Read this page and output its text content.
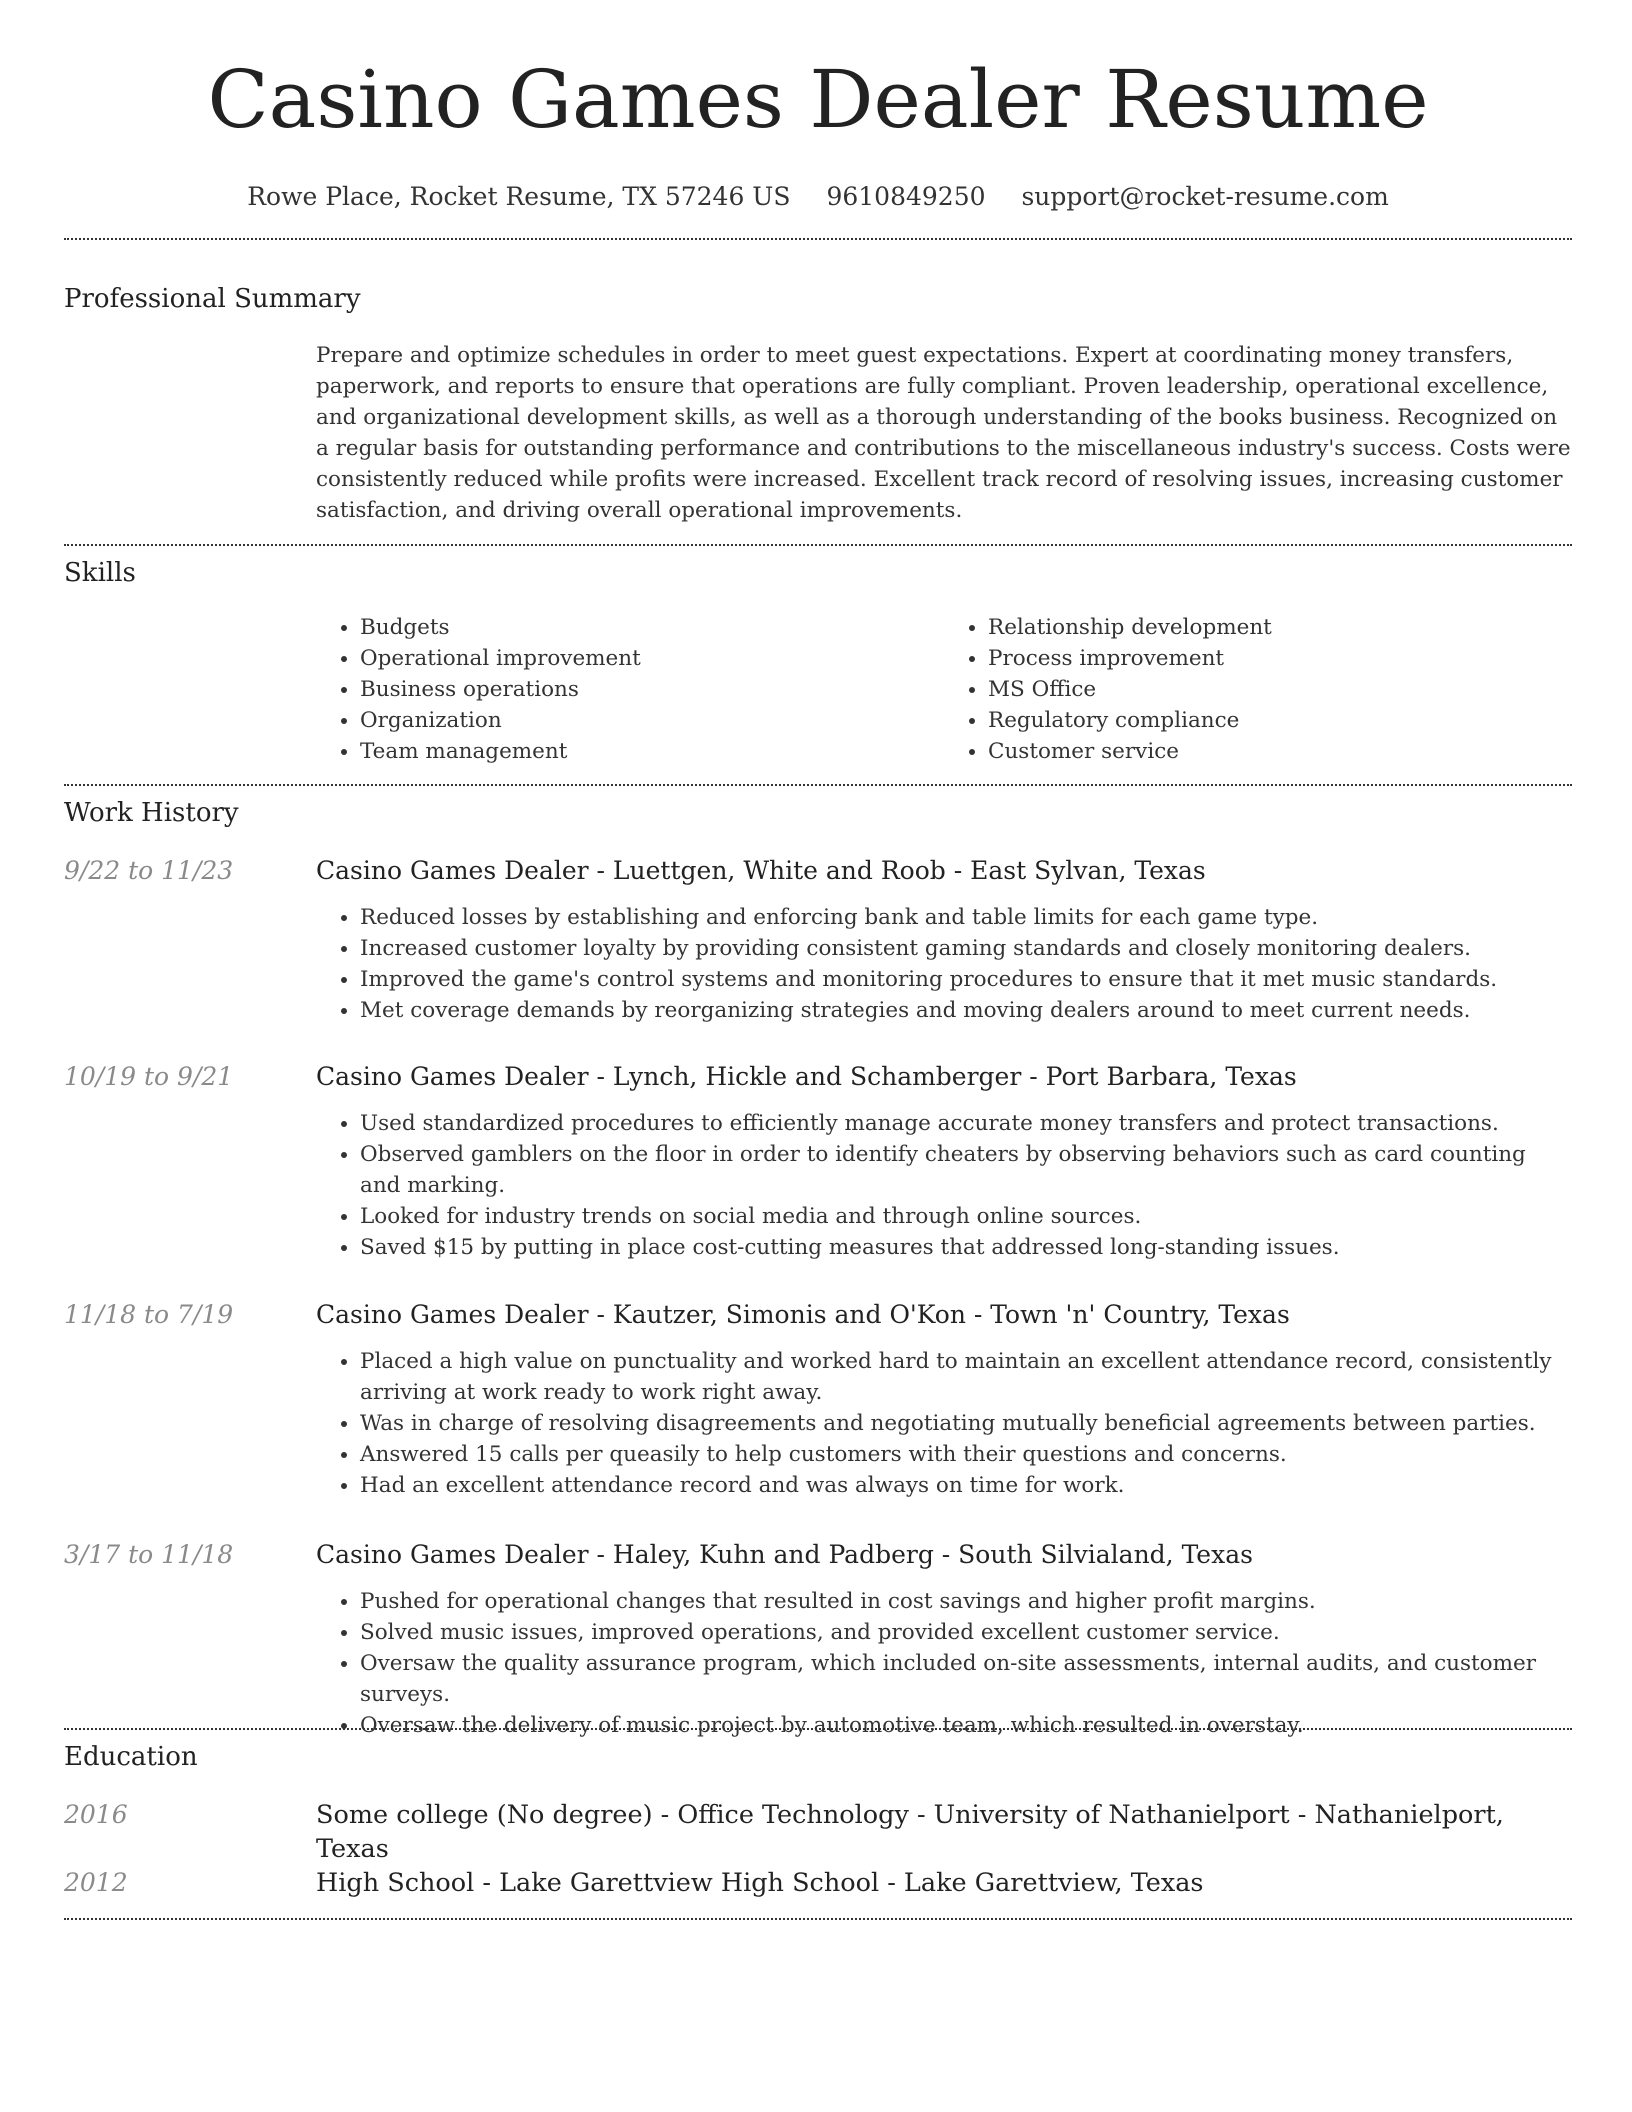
Casino Games Dealer Resume
Rowe Place, Rocket Resume, TX 57246 US 9610849250 support@rocket-resume.com
Professional Summary

Prepare and optimize schedules in order to meet guest expectations. Expert at coordinating money transfers, paperwork, and reports to ensure that operations are fully compliant. Proven leadership, operational excellence, and organizational development skills, as well as a thorough understanding of the books business. Recognized on a regular basis for outstanding performance and contributions to the miscellaneous industry's success. Costs were consistently reduced while profits were increased. Excellent track record of resolving issues, increasing customer satisfaction, and driving overall operational improvements.

Skills
• Budgets
• Operational improvement
• Business operations
• Organization
• Team management
• Relationship development
• Process improvement
• MS Office
• Regulatory compliance
• Customer service
Work History
9/22 to 11/23	Casino Games Dealer - Luettgen, White and Roob - East Sylvan, Texas

• Reduced losses by establishing and enforcing bank and table limits for each game type.
• Increased customer loyalty by providing consistent gaming standards and closely monitoring dealers.
• Improved the game's control systems and monitoring procedures to ensure that it met music standards.
• Met coverage demands by reorganizing strategies and moving dealers around to meet current needs.
10/19 to 9/21	Casino Games Dealer - Lynch, Hickle and Schamberger - Port Barbara, Texas

• Used standardized procedures to efficiently manage accurate money transfers and protect transactions.
• Observed gamblers on the floor in order to identify cheaters by observing behaviors such as card counting and marking.
• Looked for industry trends on social media and through online sources.
• Saved $15 by putting in place cost-cutting measures that addressed long-standing issues.
11/18 to 7/19	Casino Games Dealer - Kautzer, Simonis and O'Kon - Town 'n' Country, Texas

• Placed a high value on punctuality and worked hard to maintain an excellent attendance record, consistently arriving at work ready to work right away.
• Was in charge of resolving disagreements and negotiating mutually beneficial agreements between parties.
• Answered 15 calls per queasily to help customers with their questions and concerns.
• Had an excellent attendance record and was always on time for work.
3/17 to 11/18	Casino Games Dealer - Haley, Kuhn and Padberg - South Silvialand, Texas

• Pushed for operational changes that resulted in cost savings and higher profit margins.
• Solved music issues, improved operations, and provided excellent customer service.
• Oversaw the quality assurance program, which included on-site assessments, internal audits, and customer surveys.
• Oversaw the delivery of music project by automotive team, which resulted in overstay.
Education
2016	Some college (No degree) - Office Technology - University of Nathanielport - Nathanielport, Texas

2012	High School - Lake Garettview High School - Lake Garettview, Texas
